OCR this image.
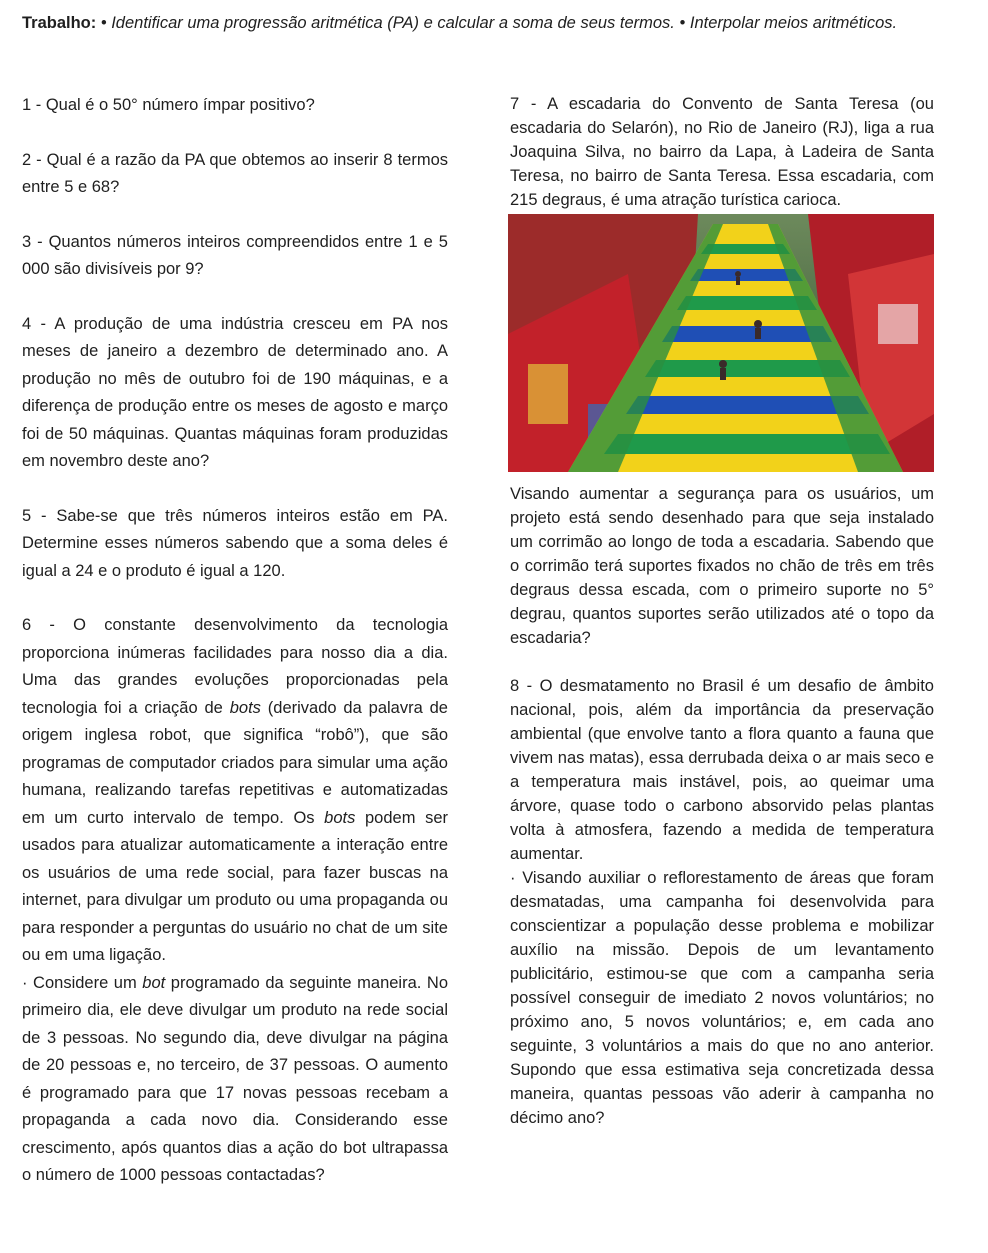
Trabalho: • Identificar uma progressão aritmética (PA) e calcular a soma de seus termos. • Interpolar meios aritméticos.

1 - Qual é o 50° número ímpar positivo?

2 - Qual é a razão da PA que obtemos ao inserir 8 termos entre 5 e 68?

3 - Quantos números inteiros compreendidos entre 1 e 5 000 são divisíveis por 9?

4 - A produção de uma indústria cresceu em PA nos meses de janeiro a dezembro de determinado ano. A produção no mês de outubro foi de 190 máquinas, e a diferença de produção entre os meses de agosto e março foi de 50 máquinas. Quantas máquinas foram produzidas em novembro deste ano?

5 - Sabe-se que três números inteiros estão em PA. Determine esses números sabendo que a soma deles é igual a 24 e o produto é igual a 120.

6 - O constante desenvolvimento da tecnologia proporciona inúmeras facilidades para nosso dia a dia. Uma das grandes evoluções proporcionadas pela tecnologia foi a criação de bots (derivado da palavra de origem inglesa robot, que significa “robô”), que são programas de computador criados para simular uma ação humana, realizando tarefas repetitivas e automatizadas em um curto intervalo de tempo. Os bots podem ser usados para atualizar automaticamente a interação entre os usuários de uma rede social, para fazer buscas na internet, para divulgar um produto ou uma propaganda ou para responder a perguntas do usuário no chat de um site ou em uma ligação.

· Considere um bot programado da seguinte maneira. No primeiro dia, ele deve divulgar um produto na rede social de 3 pessoas. No segundo dia, deve divulgar na página de 20 pessoas e, no terceiro, de 37 pessoas. O aumento é programado para que 17 novas pessoas recebam a propaganda a cada novo dia. Considerando esse crescimento, após quantos dias a ação do bot ultrapassa o número de 1000 pessoas contactadas?

7 - A escadaria do Convento de Santa Teresa (ou escadaria do Selarón), no Rio de Janeiro (RJ), liga a rua Joaquina Silva, no bairro da Lapa, à Ladeira de Santa Teresa, no bairro de Santa Teresa. Essa escadaria, com 215 degraus, é uma atração turística carioca.

Visando aumentar a segurança para os usuários, um projeto está sendo desenhado para que seja instalado um corrimão ao longo de toda a escadaria. Sabendo que o corrimão terá suportes fixados no chão de três em três degraus dessa escada, com o primeiro suporte no 5° degrau, quantos suportes serão utilizados até o topo da escadaria?

8 - O desmatamento no Brasil é um desafio de âmbito nacional, pois, além da importância da preservação ambiental (que envolve tanto a flora quanto a fauna que vivem nas matas), essa derrubada deixa o ar mais seco e a temperatura mais instável, pois, ao queimar uma árvore, quase todo o carbono absorvido pelas plantas volta à atmosfera, fazendo a medida de temperatura aumentar.

· Visando auxiliar o reflorestamento de áreas que foram desmatadas, uma campanha foi desenvolvida para conscientizar a população desse problema e mobilizar auxílio na missão. Depois de um levantamento publicitário, estimou-se que com a campanha seria possível conseguir de imediato 2 novos voluntários; no próximo ano, 5 novos voluntários; e, em cada ano seguinte, 3 voluntários a mais do que no ano anterior. Supondo que essa estimativa seja concretizada dessa maneira, quantas pessoas vão aderir à campanha no décimo ano?
